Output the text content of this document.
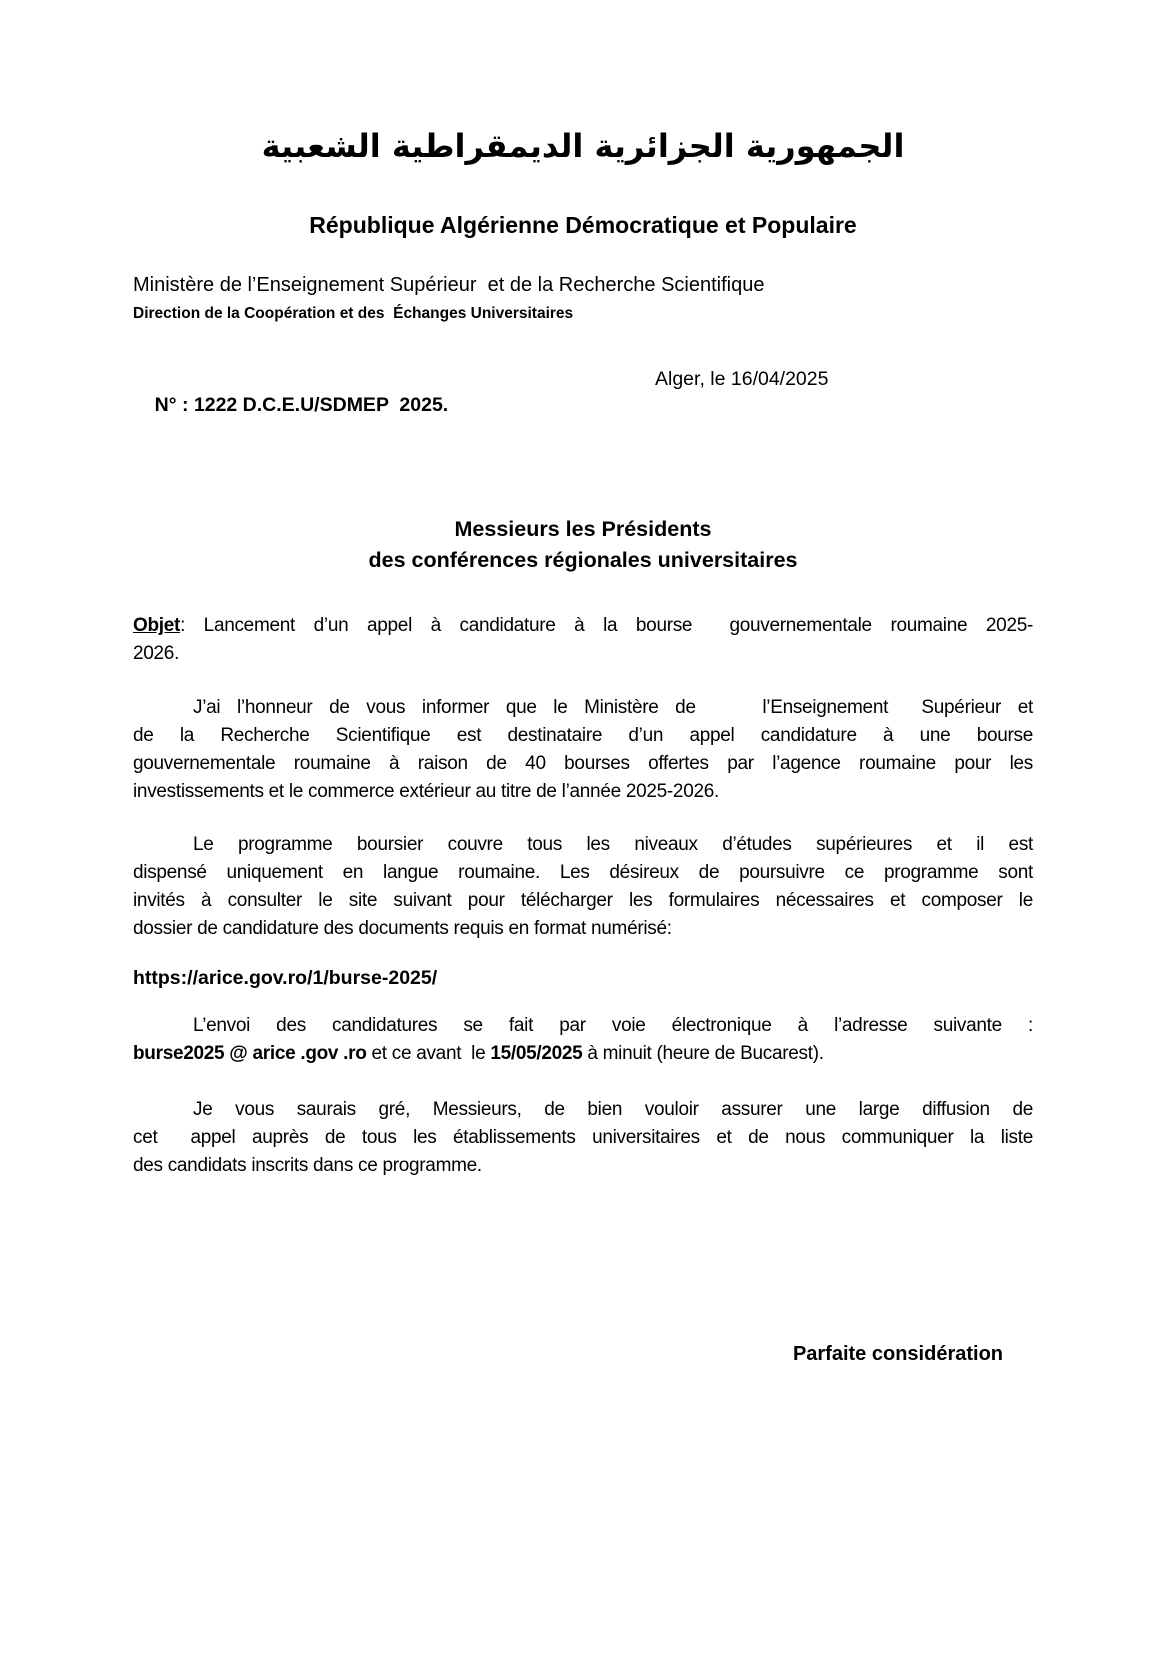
الجمهورية الجزائرية الديمقراطية الشعبية
République Algérienne Démocratique et Populaire
Ministère de l’Enseignement Supérieur  et de la Recherche Scientifique
Direction de la Coopération et des  Échanges Universitaires

N° : 1222 D.C.E.U/SDMEP  2025.

Alger, le 16/04/2025

Messieurs les Présidents
des conférences régionales universitaires
Objet: Lancement d’un appel à candidature à la bourse  gouvernementale roumaine 2025-
2026.
J’ai l’honneur de vous informer que le Ministère de    l’Enseignement  Supérieur et
de la Recherche Scientifique est destinataire d’un appel candidature à une bourse
gouvernementale roumaine à raison de 40 bourses offertes par l’agence roumaine pour les
investissements et le commerce extérieur au titre de l’année 2025-2026.
Le programme boursier couvre tous les niveaux d’études supérieures et il est
dispensé uniquement en langue roumaine. Les désireux de poursuivre ce programme sont
invités à consulter le site suivant pour télécharger les formulaires nécessaires et composer le
dossier de candidature des documents requis en format numérisé:
https://arice.gov.ro/1/burse-2025/
L’envoi des candidatures se fait par voie électronique à l’adresse suivante :
burse2025 @ arice .gov .ro et ce avant  le 15/05/2025 à minuit (heure de Bucarest).
Je vous saurais gré, Messieurs, de bien vouloir assurer une large diffusion de
cet  appel auprès de tous les établissements universitaires et de nous communiquer la liste
des candidats inscrits dans ce programme.
Parfaite considération
